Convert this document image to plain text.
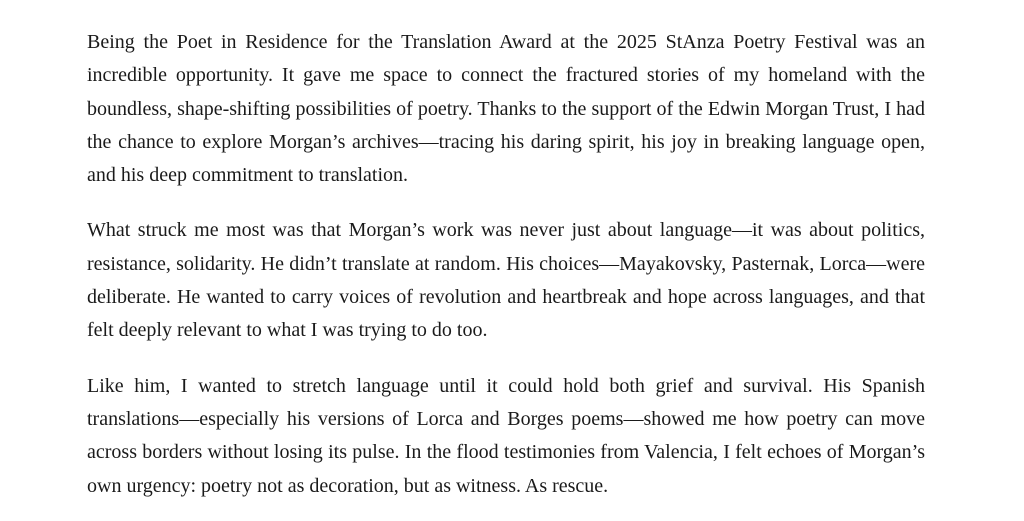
Being the Poet in Residence for the Translation Award at the 2025 StAnza Poetry Festival was an incredible opportunity. It gave me space to connect the fractured stories of my homeland with the boundless, shape-shifting possibilities of poetry. Thanks to the support of the Edwin Morgan Trust, I had the chance to explore Morgan’s archives—tracing his daring spirit, his joy in breaking language open, and his deep commitment to translation.

What struck me most was that Morgan’s work was never just about language—it was about politics, resistance, solidarity. He didn’t translate at random. His choices—Mayakovsky, Pasternak, Lorca—were deliberate. He wanted to carry voices of revolution and heartbreak and hope across languages, and that felt deeply relevant to what I was trying to do too.

Like him, I wanted to stretch language until it could hold both grief and survival. His Spanish translations—especially his versions of Lorca and Borges poems—showed me how poetry can move across borders without losing its pulse. In the flood testimonies from Valencia, I felt echoes of Morgan’s own urgency: poetry not as decoration, but as witness. As rescue.
